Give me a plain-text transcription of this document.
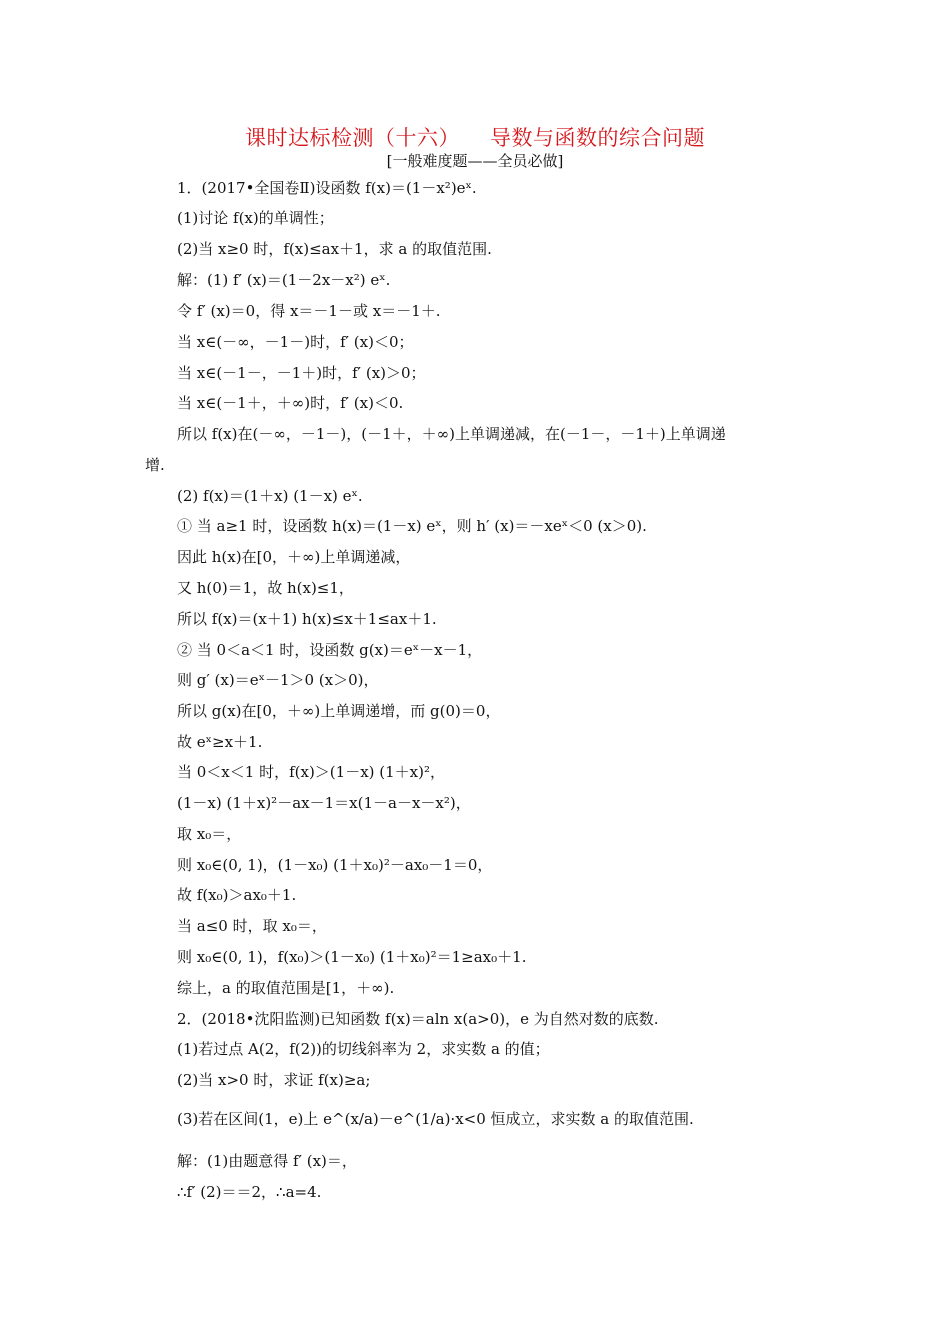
课时达标检测（十六） 导数与函数的综合问题
[一般难度题——全员必做]
1．(2017•全国卷Ⅱ)设函数 f(x)＝(1－x²)eˣ.
(1)讨论 f(x)的单调性；
(2)当 x≥0 时，f(x)≤ax＋1，求 a 的取值范围.
解：(1) f′ (x)＝(1－2x－x²) eˣ.
令 f′ (x)＝0，得 x＝－1－或 x＝－1＋.
当 x∈(－∞，－1－)时，f′ (x)＜0；
当 x∈(－1－，－1＋)时，f′ (x)＞0；
当 x∈(－1＋，＋∞)时，f′ (x)＜0.
所以 f(x)在(－∞，－1－)，(－1＋，＋∞)上单调递减，在(－1－，－1＋)上单调递
增.
(2) f(x)＝(1＋x) (1－x) eˣ.
① 当 a≥1 时，设函数 h(x)＝(1－x) eˣ，则 h′ (x)＝－xeˣ＜0 (x＞0).
因此 h(x)在[0，＋∞)上单调递减，
又 h(0)＝1，故 h(x)≤1，
所以 f(x)＝(x＋1) h(x)≤x＋1≤ax＋1.
② 当 0＜a＜1 时，设函数 g(x)＝eˣ－x－1，
则 g′ (x)＝eˣ－1＞0 (x＞0)，
所以 g(x)在[0，＋∞)上单调递增，而 g(0)＝0，
故 eˣ≥x＋1.
当 0＜x＜1 时，f(x)＞(1－x) (1＋x)²，
(1－x) (1＋x)²－ax－1＝x(1－a－x－x²)，
取 x₀＝，
则 x₀∈(0, 1)，(1－x₀) (1＋x₀)²－ax₀－1＝0，
故 f(x₀)＞ax₀＋1.
当 a≤0 时，取 x₀＝，
则 x₀∈(0, 1)，f(x₀)＞(1－x₀) (1＋x₀)²＝1≥ax₀＋1.
综上，a 的取值范围是[1，＋∞).
2．(2018•沈阳监测)已知函数 f(x)＝aln x(a>0)，e 为自然对数的底数.
(1)若过点 A(2，f(2))的切线斜率为 2，求实数 a 的值；
(2)当 x>0 时，求证 f(x)≥a;
(3)若在区间(1，e)上 e^(x/a)－e^(1/a)·x<0 恒成立，求实数 a 的取值范围.
解：(1)由题意得 f′ (x)＝，
∴f′ (2)＝＝2，∴a=4.
